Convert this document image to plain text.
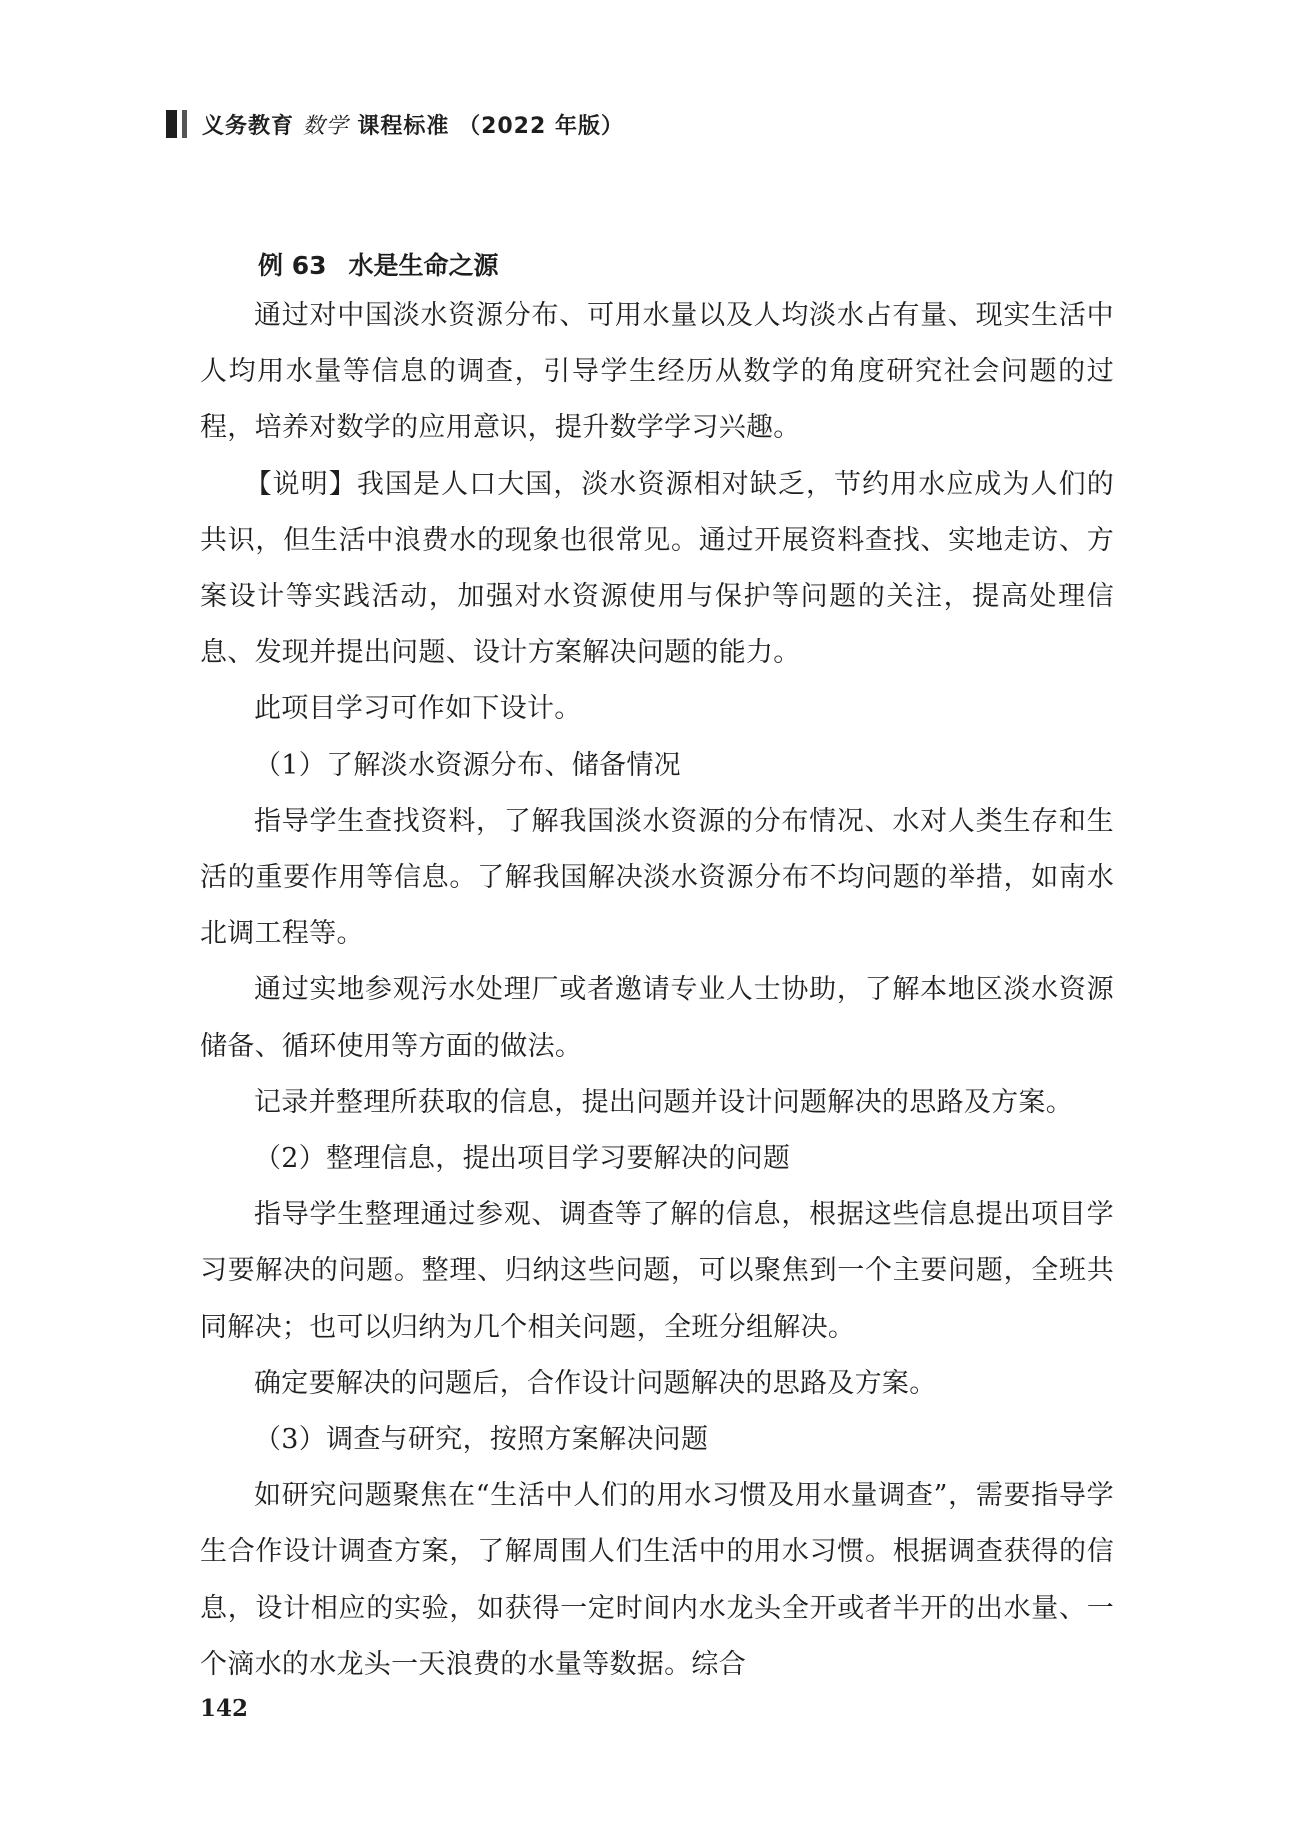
义务教育 数学 课程标准 （2022 年版）
例 63 水是生命之源

通过对中国淡水资源分布、可用水量以及人均淡水占有量、现实生活中人均用水量等信息的调查，引导学生经历从数学的角度研究社会问题的过程，培养对数学的应用意识，提升数学学习兴趣。

【说明】我国是人口大国，淡水资源相对缺乏，节约用水应成为人们的共识，但生活中浪费水的现象也很常见。通过开展资料查找、实地走访、方案设计等实践活动，加强对水资源使用与保护等问题的关注，提高处理信息、发现并提出问题、设计方案解决问题的能力。

此项目学习可作如下设计。

（1）了解淡水资源分布、储备情况

指导学生查找资料，了解我国淡水资源的分布情况、水对人类生存和生活的重要作用等信息。了解我国解决淡水资源分布不均问题的举措，如南水北调工程等。

通过实地参观污水处理厂或者邀请专业人士协助，了解本地区淡水资源储备、循环使用等方面的做法。

记录并整理所获取的信息，提出问题并设计问题解决的思路及方案。

（2）整理信息，提出项目学习要解决的问题

指导学生整理通过参观、调查等了解的信息，根据这些信息提出项目学习要解决的问题。整理、归纳这些问题，可以聚焦到一个主要问题，全班共同解决；也可以归纳为几个相关问题，全班分组解决。

确定要解决的问题后，合作设计问题解决的思路及方案。

（3）调查与研究，按照方案解决问题

如研究问题聚焦在“生活中人们的用水习惯及用水量调查”，需要指导学生合作设计调查方案，了解周围人们生活中的用水习惯。根据调查获得的信息，设计相应的实验，如获得一定时间内水龙头全开或者半开的出水量、一个滴水的水龙头一天浪费的水量等数据。综合

142
